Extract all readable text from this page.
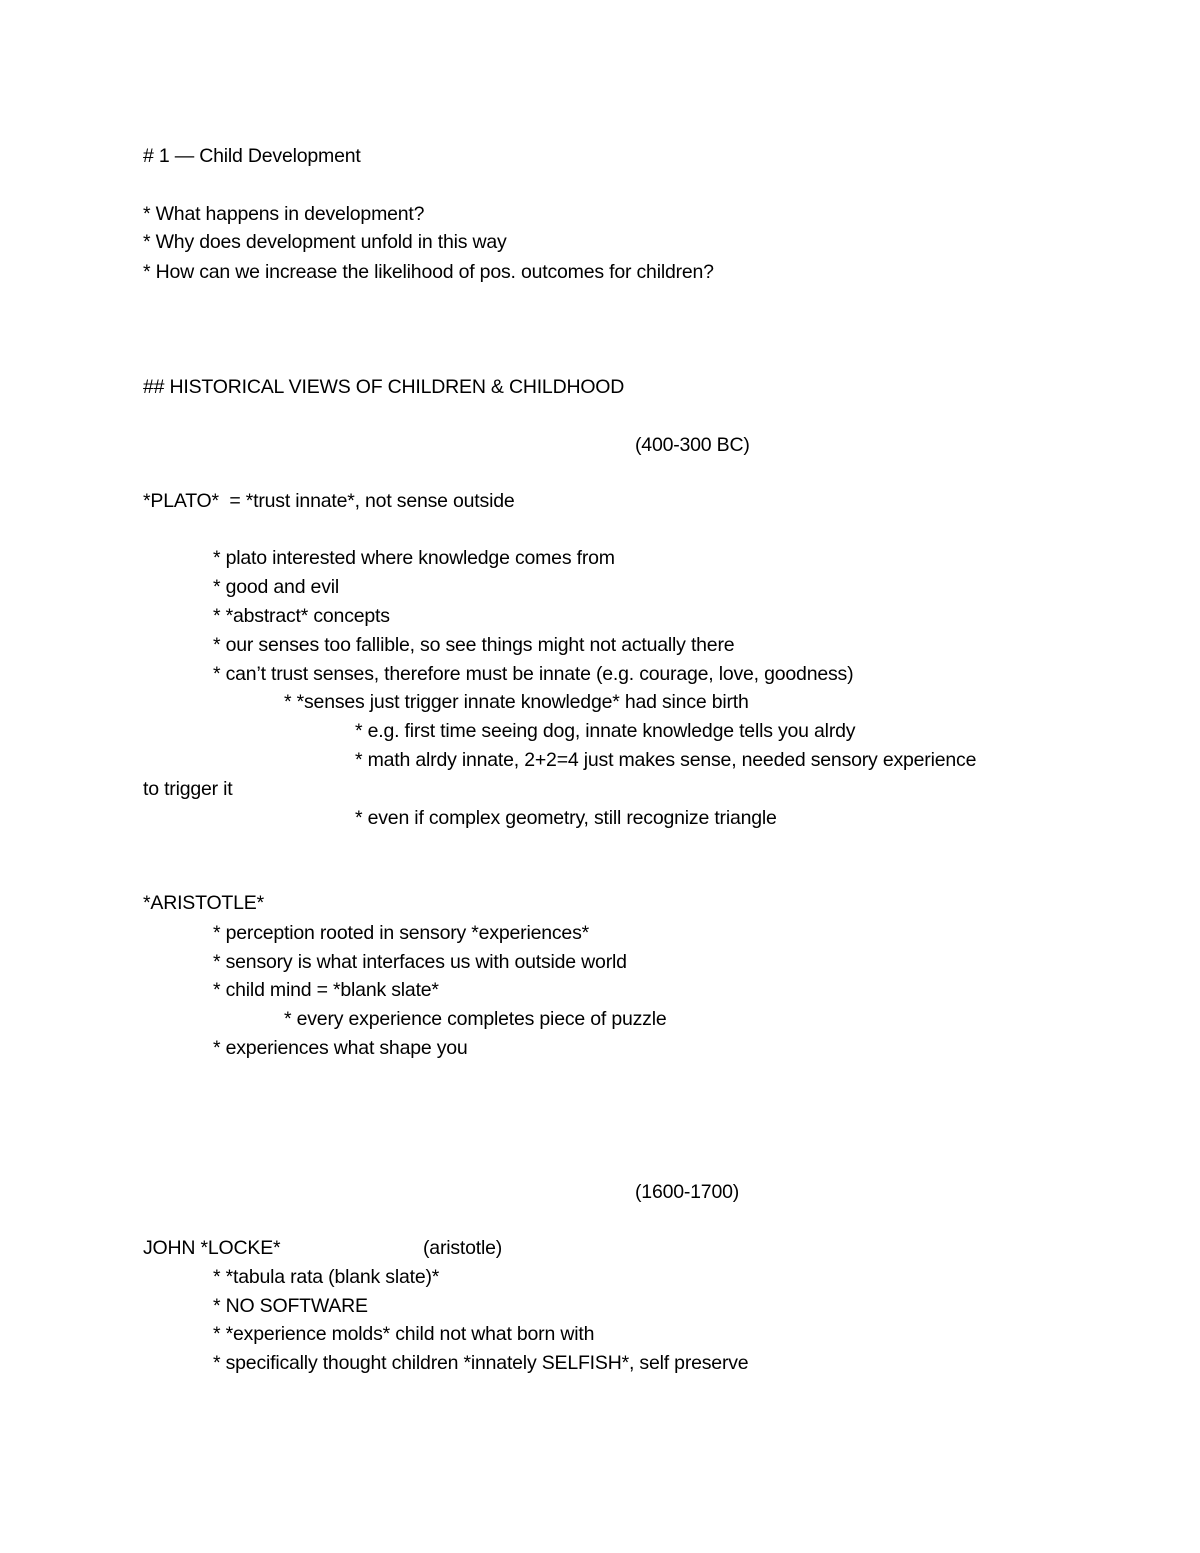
# 1 — Child Development
* What happens in development?
* Why does development unfold in this way
* How can we increase the likelihood of pos. outcomes for children?
## HISTORICAL VIEWS OF CHILDREN & CHILDHOOD
(400-300 BC)
*PLATO*  = *trust innate*, not sense outside
* plato interested where knowledge comes from
* good and evil
* *abstract* concepts
* our senses too fallible, so see things might not actually there
* can’t trust senses, therefore must be innate (e.g. courage, love, goodness)
* *senses just trigger innate knowledge* had since birth
* e.g. first time seeing dog, innate knowledge tells you alrdy
* math alrdy innate, 2+2=4 just makes sense, needed sensory experience
to trigger it
* even if complex geometry, still recognize triangle
*ARISTOTLE*
* perception rooted in sensory *experiences*
* sensory is what interfaces us with outside world
* child mind = *blank slate*
* every experience completes piece of puzzle
* experiences what shape you
(1600-1700)
JOHN *LOCKE*	(aristotle)
* *tabula rata (blank slate)*
* NO SOFTWARE
* *experience molds* child not what born with
* specifically thought children *innately SELFISH*, self preserve
